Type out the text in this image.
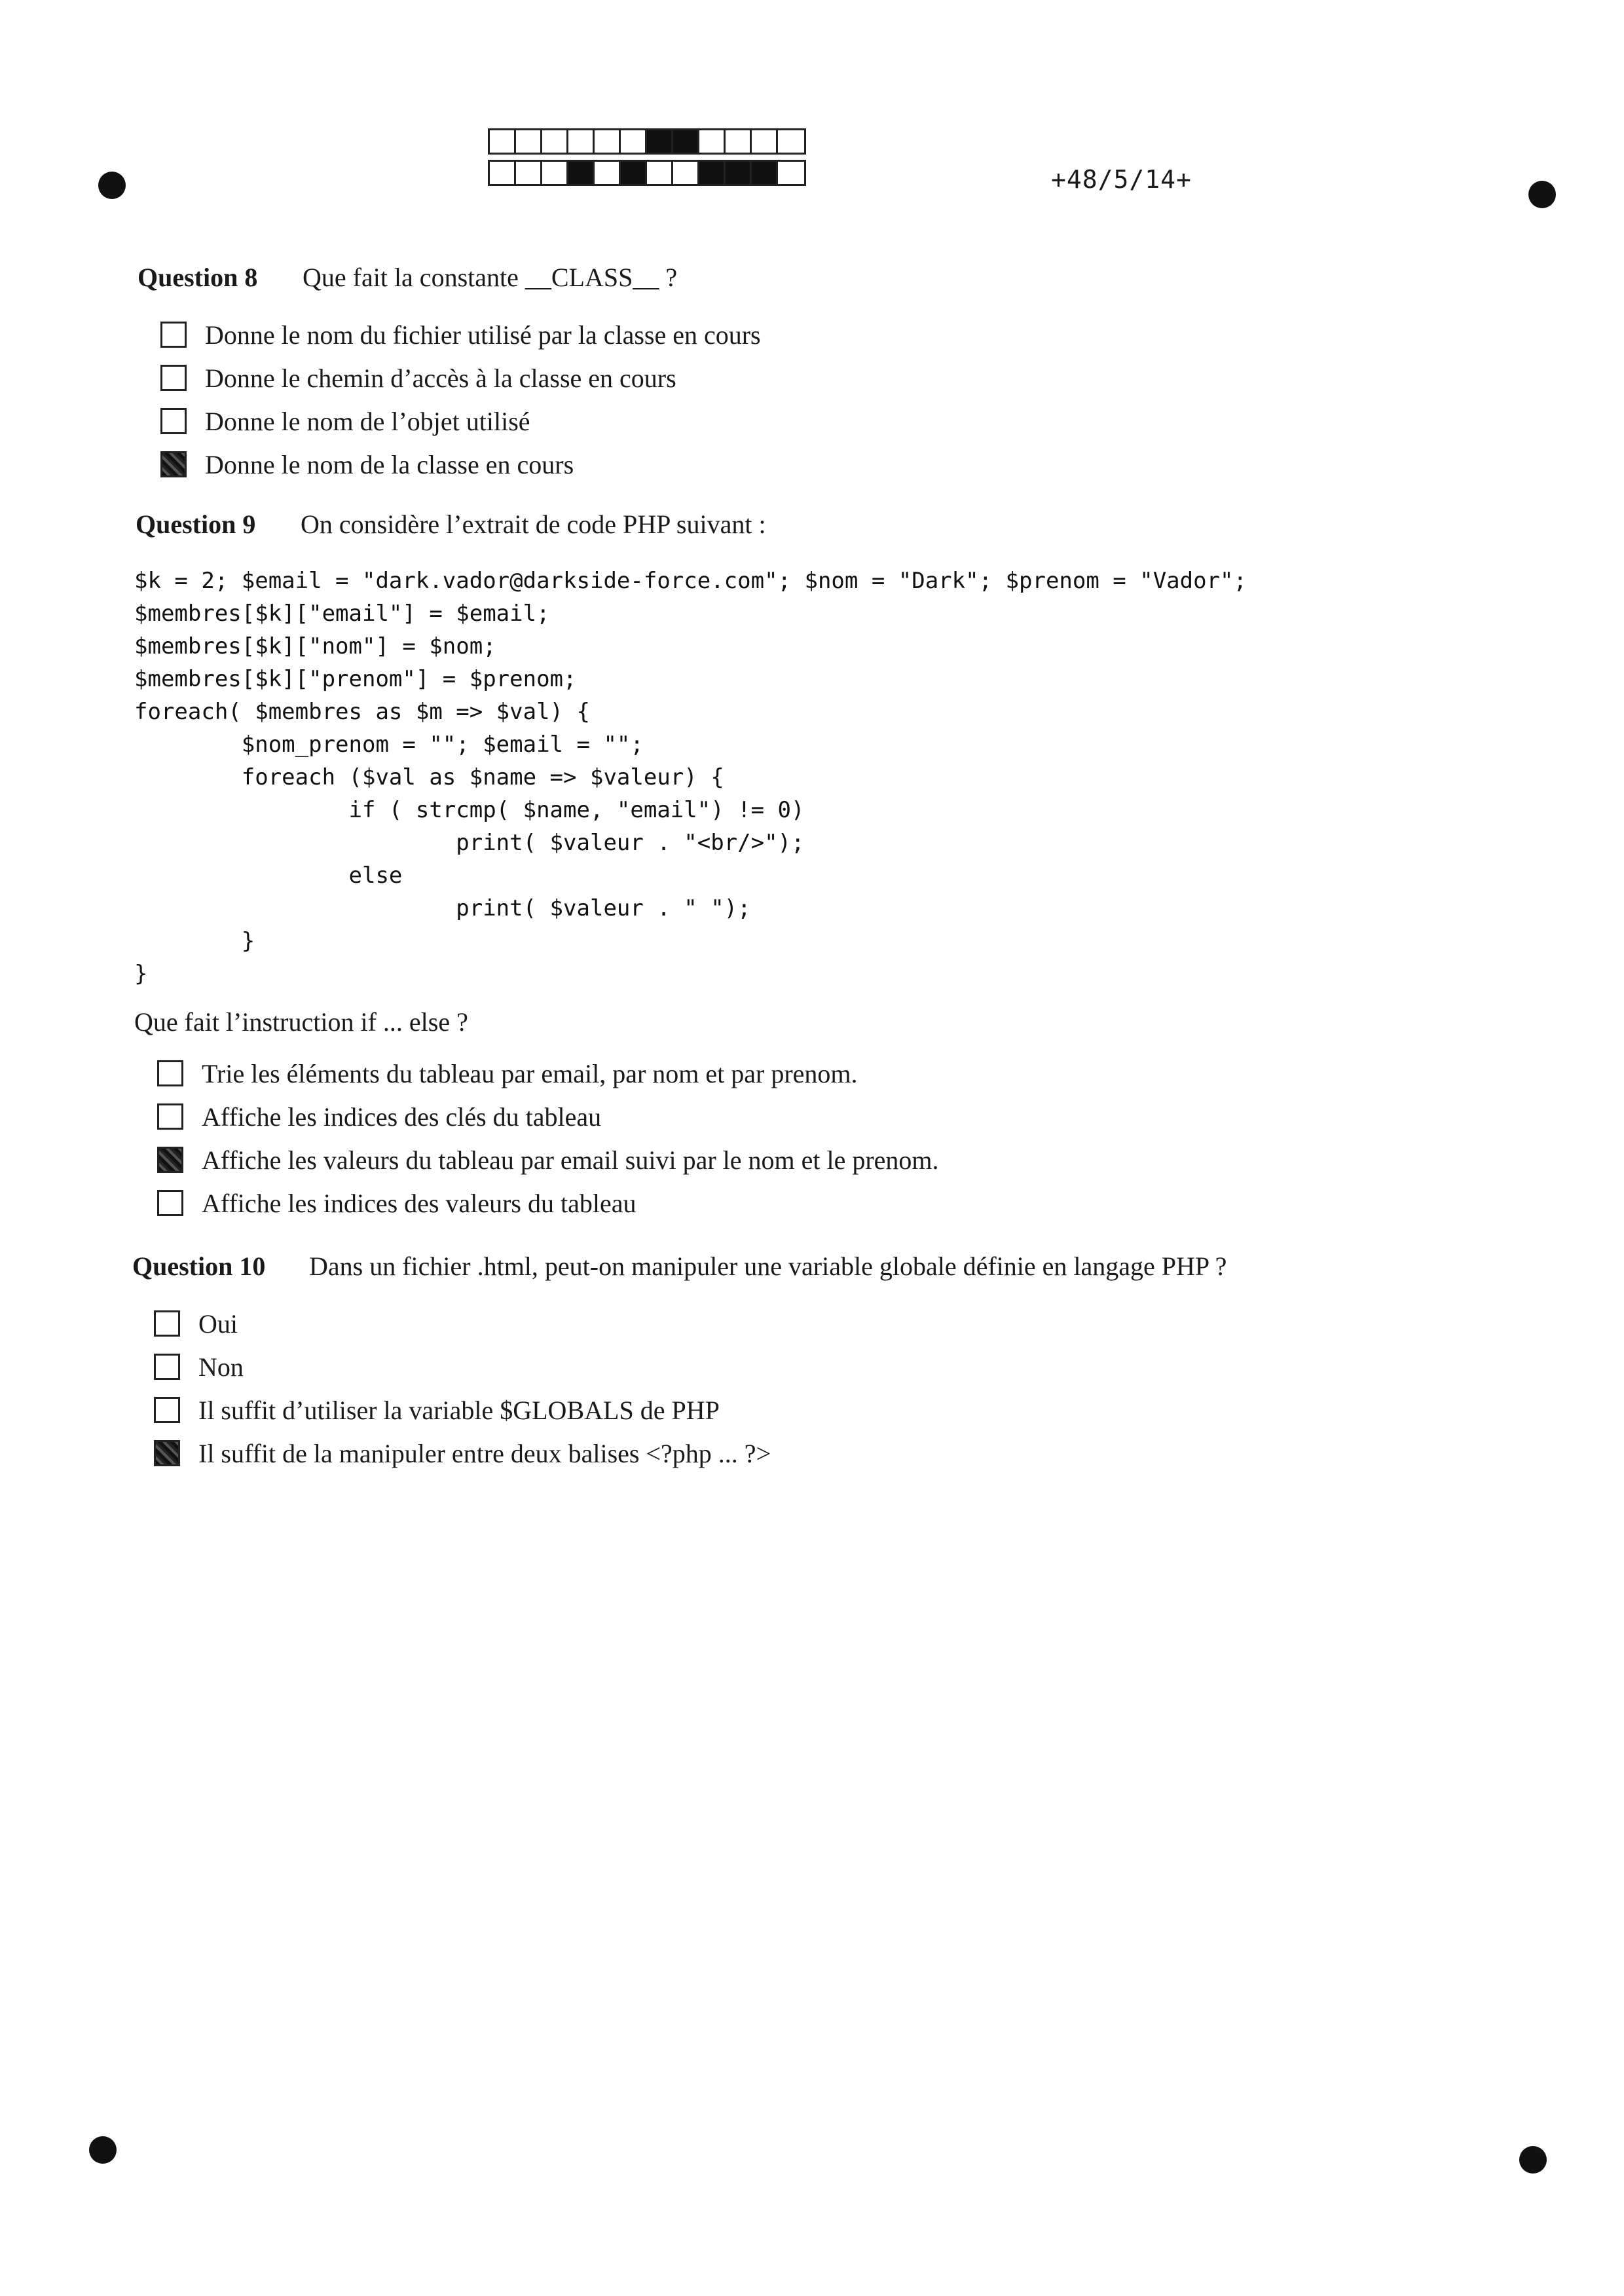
+48/5/14+
Question 8	Que fait la constante __CLASS__ ?
Donne le nom du fichier utilisé par la classe en cours
Donne le chemin d’accès à la classe en cours
Donne le nom de l’objet utilisé
Donne le nom de la classe en cours
Question 9	On considère l’extrait de code PHP suivant :
$k = 2; $email = "dark.vador@darkside-force.com"; $nom = "Dark"; $prenom = "Vador";
$membres[$k]["email"] = $email;
$membres[$k]["nom"] = $nom;
$membres[$k]["prenom"] = $prenom;
foreach( $membres as $m => $val) {
$nom_prenom = ""; $email = "";
foreach ($val as $name => $valeur) {
if ( strcmp( $name, "email") != 0)
print( $valeur . "<br/>");
else
print( $valeur . " ");
}
}
Que fait l’instruction if ... else ?
Trie les éléments du tableau par email, par nom et par prenom.
Affiche les indices des clés du tableau
Affiche les valeurs du tableau par email suivi par le nom et le prenom.
Affiche les indices des valeurs du tableau
Question 10	Dans un fichier .html, peut-on manipuler une variable globale définie en langage PHP ?
Oui
Non
Il suffit d’utiliser la variable $GLOBALS de PHP
Il suffit de la manipuler entre deux balises <?php ... ?>
